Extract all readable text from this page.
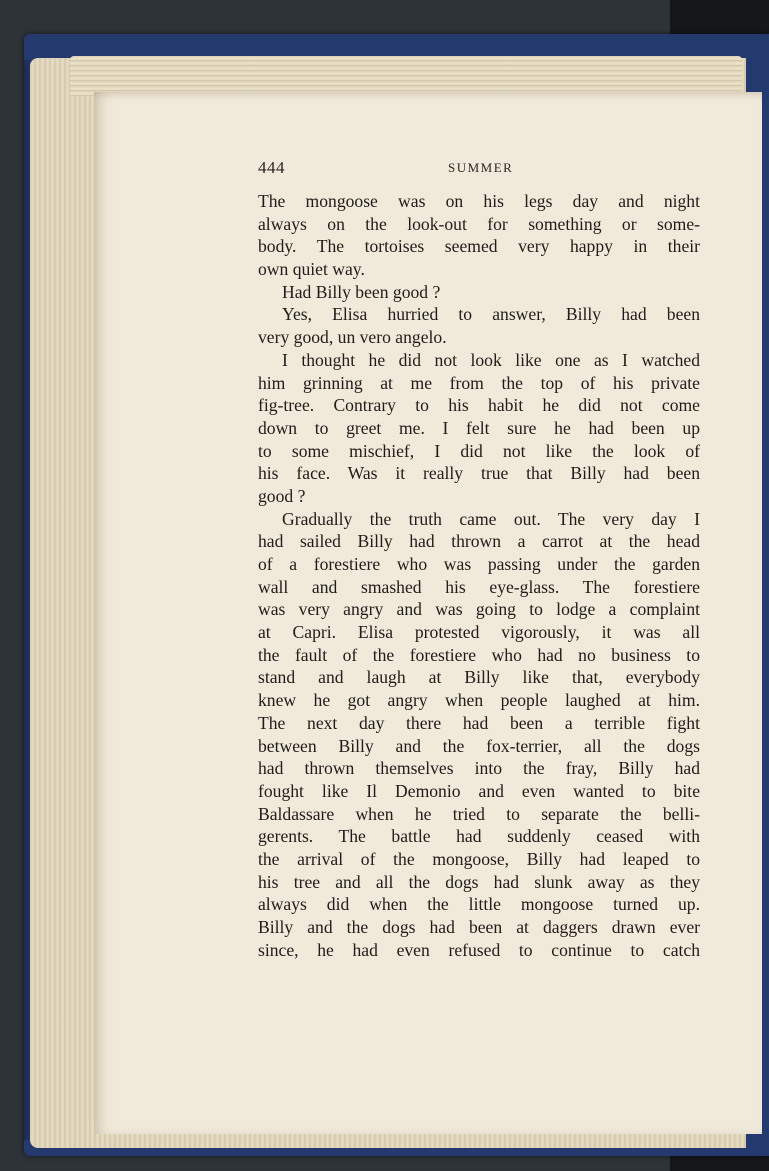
444	SUMMER
The mongoose was on his legs day and night
always on the look-out for something or some-
body. The tortoises seemed very happy in their
own quiet way.
Had Billy been good ?
Yes, Elisa hurried to answer, Billy had been
very good, un vero angelo.
I thought he did not look like one as I watched
him grinning at me from the top of his private
fig-tree. Contrary to his habit he did not come
down to greet me. I felt sure he had been up
to some mischief, I did not like the look of
his face. Was it really true that Billy had been
good ?
Gradually the truth came out. The very day I
had sailed Billy had thrown a carrot at the head
of a forestiere who was passing under the garden
wall and smashed his eye-glass. The forestiere
was very angry and was going to lodge a complaint
at Capri. Elisa protested vigorously, it was all
the fault of the forestiere who had no business to
stand and laugh at Billy like that, everybody
knew he got angry when people laughed at him.
The next day there had been a terrible fight
between Billy and the fox-terrier, all the dogs
had thrown themselves into the fray, Billy had
fought like Il Demonio and even wanted to bite
Baldassare when he tried to separate the belli-
gerents. The battle had suddenly ceased with
the arrival of the mongoose, Billy had leaped to
his tree and all the dogs had slunk away as they
always did when the little mongoose turned up.
Billy and the dogs had been at daggers drawn ever
since, he had even refused to continue to catch
